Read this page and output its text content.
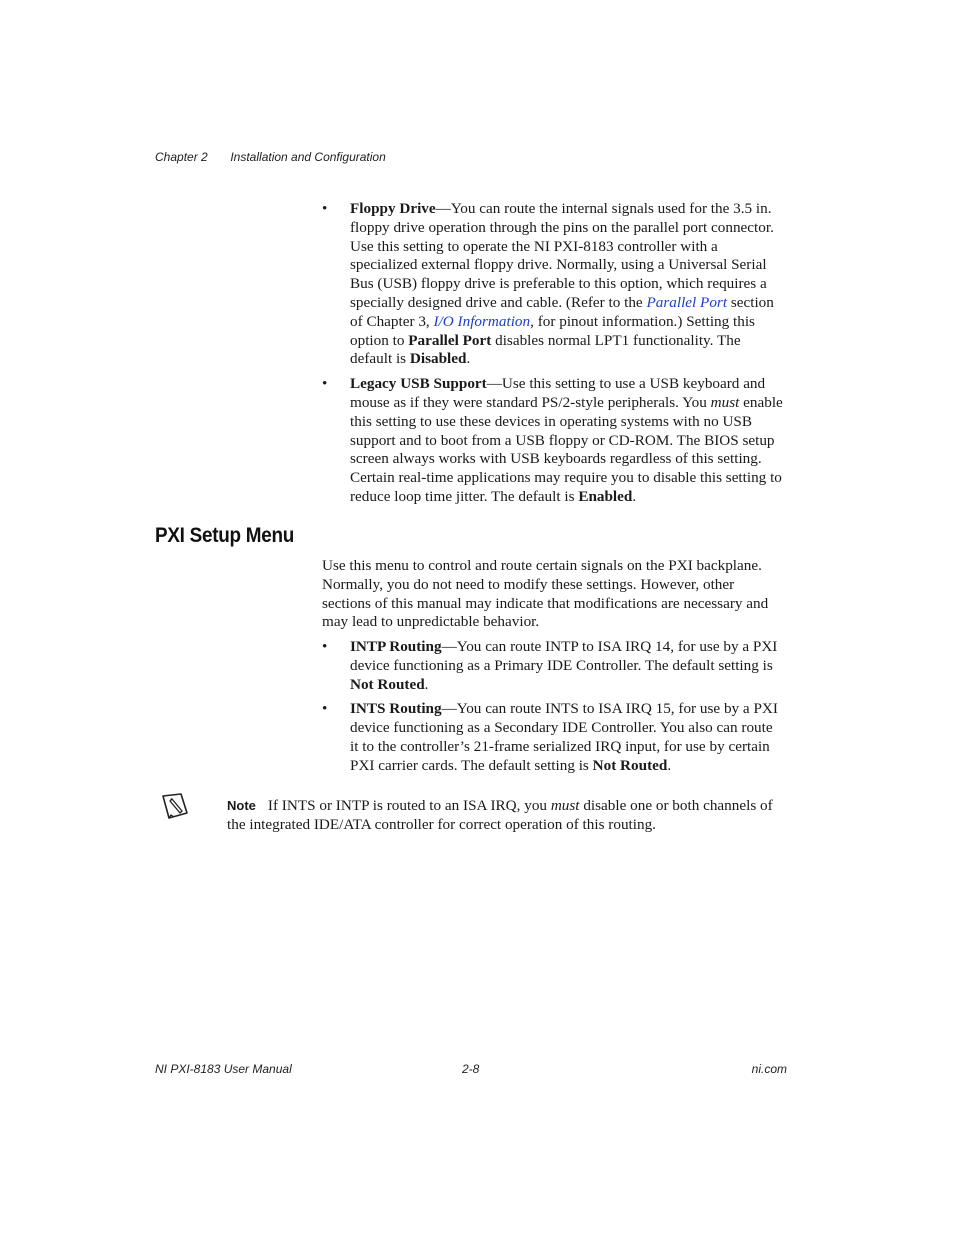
Chapter 2 Installation and Configuration
• Floppy Drive—You can route the internal signals used for the 3.5 in. floppy drive operation through the pins on the parallel port connector. Use this setting to operate the NI PXI-8183 controller with a specialized external floppy drive. Normally, using a Universal Serial Bus (USB) floppy drive is preferable to this option, which requires a specially designed drive and cable. (Refer to the Parallel Port section of Chapter 3, I/O Information, for pinout information.) Setting this option to Parallel Port disables normal LPT1 functionality. The default is Disabled.
• Legacy USB Support—Use this setting to use a USB keyboard and mouse as if they were standard PS/2-style peripherals. You must enable this setting to use these devices in operating systems with no USB support and to boot from a USB floppy or CD-ROM. The BIOS setup screen always works with USB keyboards regardless of this setting. Certain real-time applications may require you to disable this setting to reduce loop time jitter. The default is Enabled.
PXI Setup Menu

Use this menu to control and route certain signals on the PXI backplane. Normally, you do not need to modify these settings. However, other sections of this manual may indicate that modifications are necessary and may lead to unpredictable behavior.

• INTP Routing—You can route INTP to ISA IRQ 14, for use by a PXI device functioning as a Primary IDE Controller. The default setting is Not Routed.
• INTS Routing—You can route INTS to ISA IRQ 15, for use by a PXI device functioning as a Secondary IDE Controller. You also can route it to the controller’s 21-frame serialized IRQ input, for use by certain PXI carrier cards. The default setting is Not Routed.

Note If INTS or INTP is routed to an ISA IRQ, you must disable one or both channels of the integrated IDE/ATA controller for correct operation of this routing.

NI PXI-8183 User Manual	2-8	ni.com
